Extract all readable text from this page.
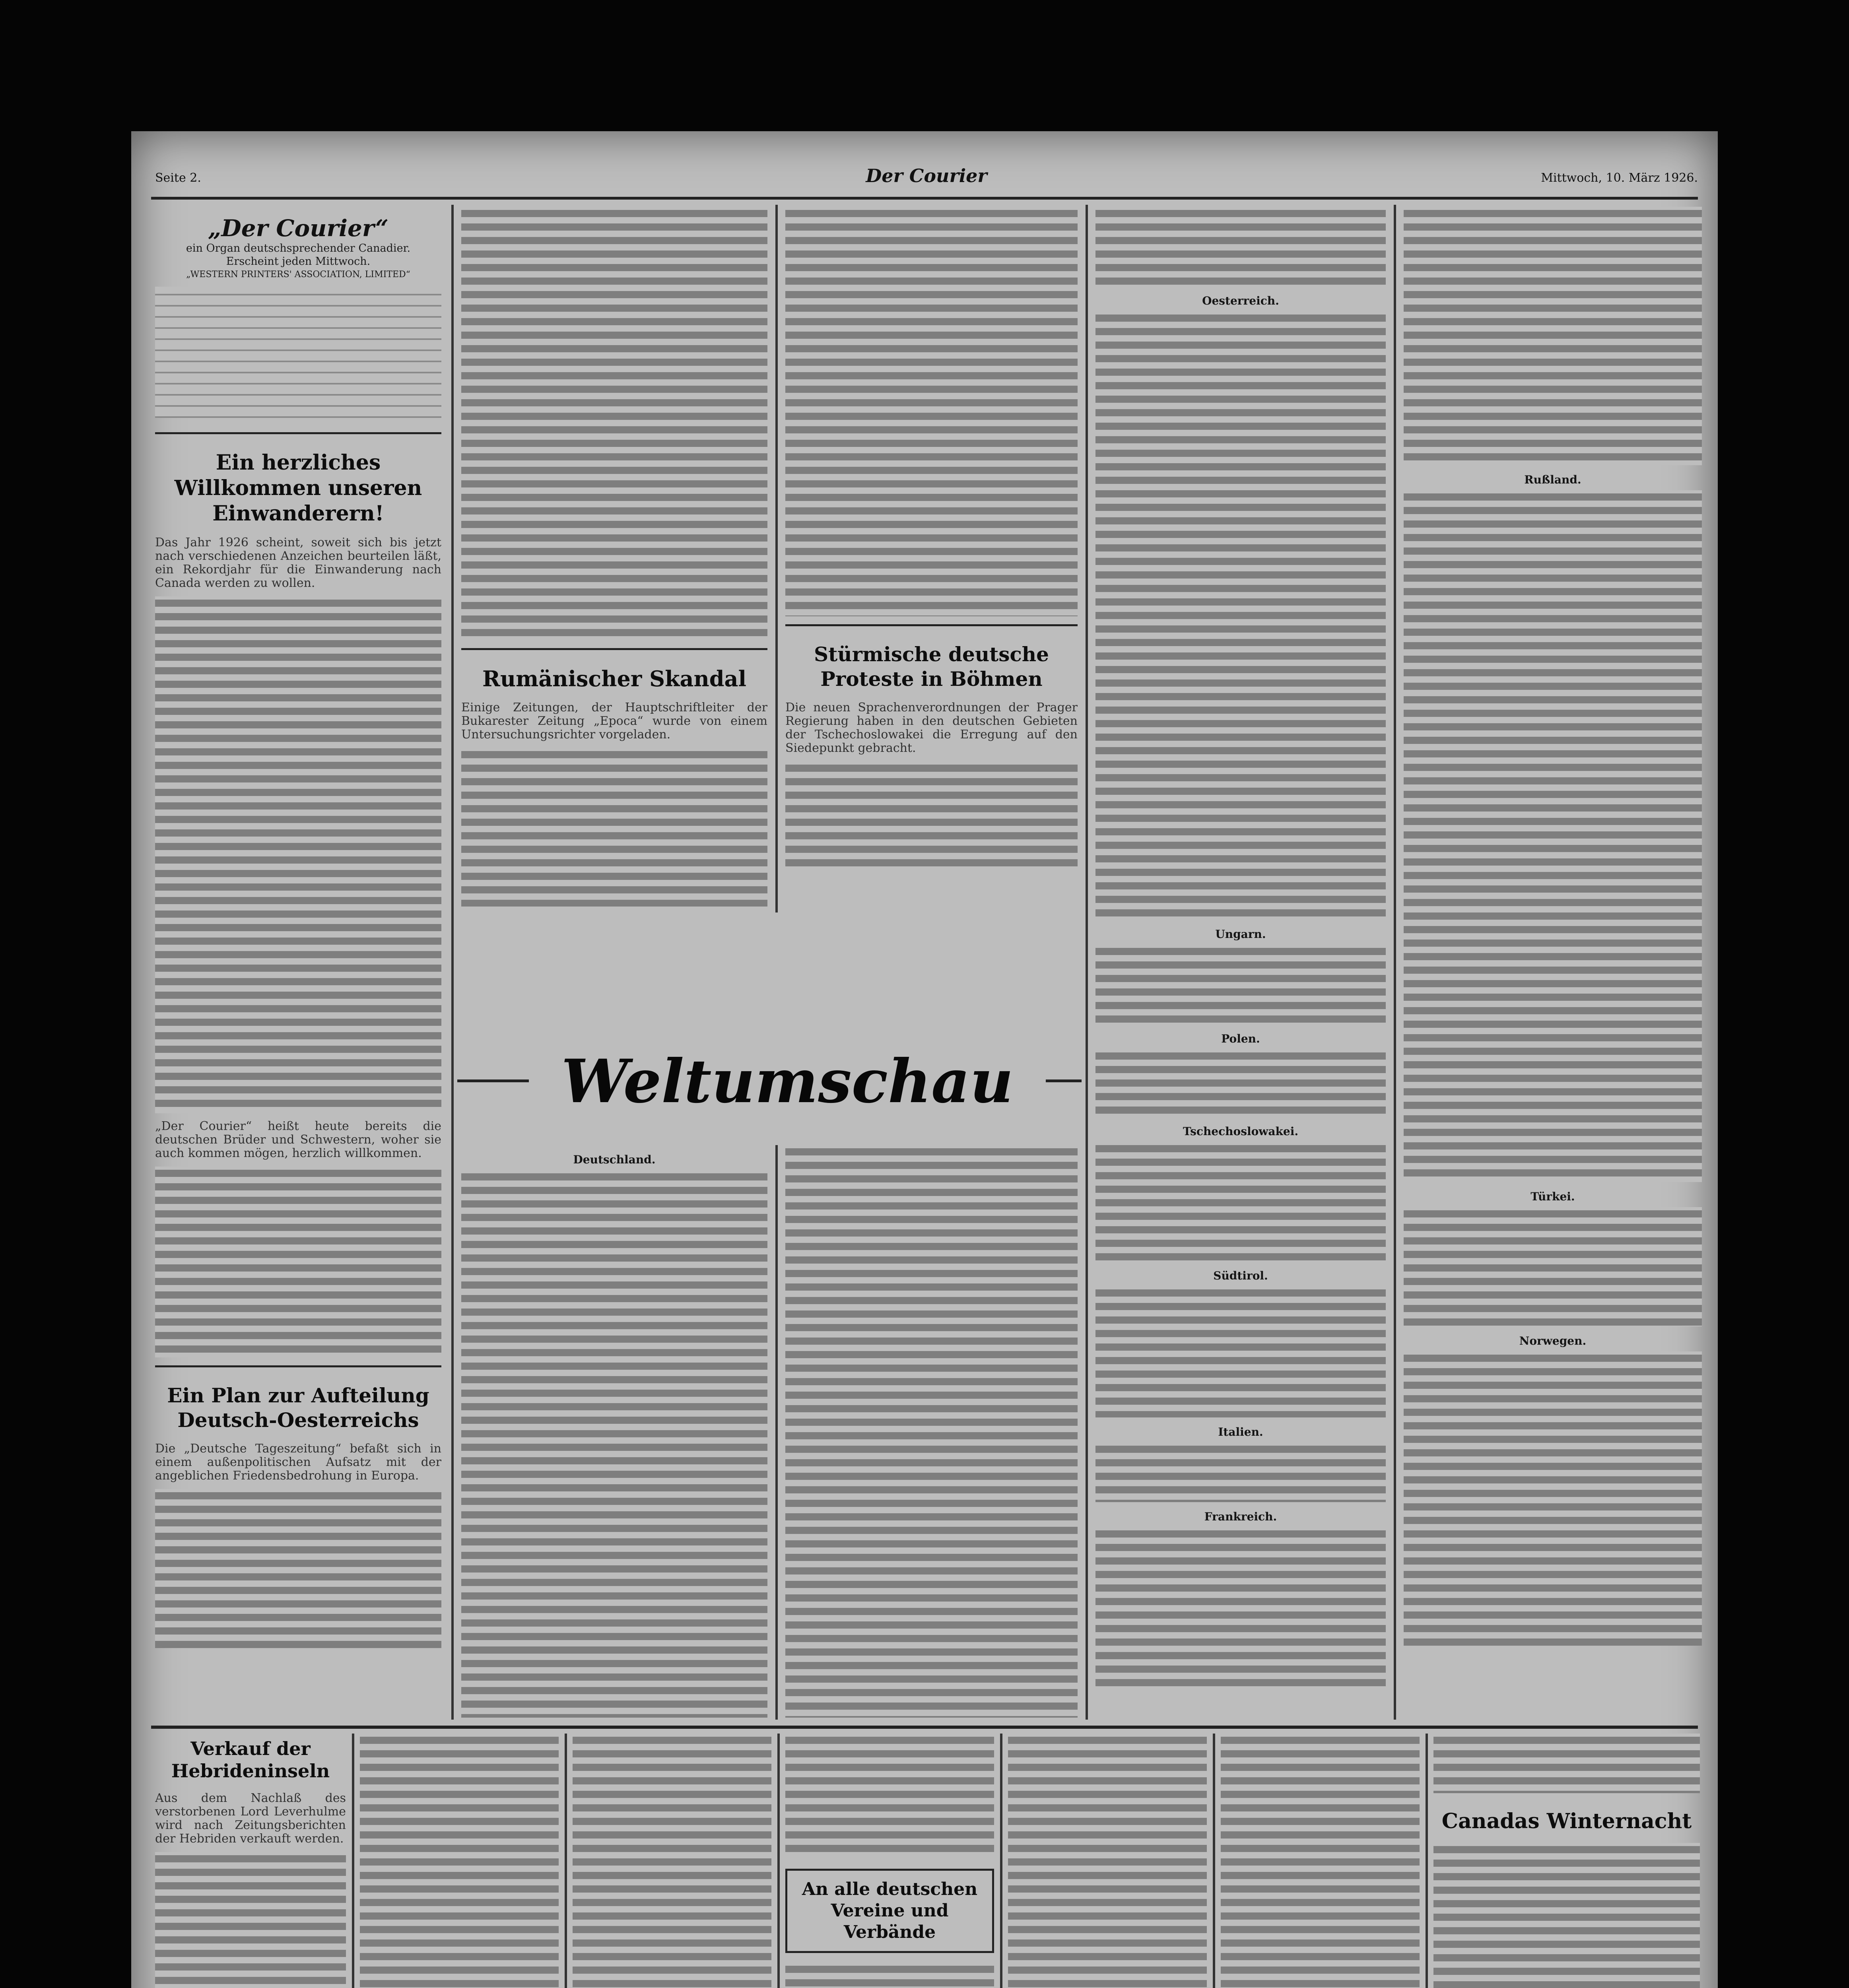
Seite 2.	Der Courier	Mittwoch, 10. März 1926.
„Der Courier“
ein Organ deutschsprechender Canadier.
Erscheint jeden Mittwoch.
„WESTERN PRINTERS' ASSOCIATION, LIMITED“
Ein herzliches Willkommen unseren Einwanderern!

Das Jahr 1926 scheint, soweit sich bis jetzt nach verschiedenen Anzeichen beurteilen läßt, ein Rekordjahr für die Einwanderung nach Canada werden zu wollen.

„Der Courier“ heißt heute bereits die deutschen Brüder und Schwestern, woher sie auch kommen mögen, herzlich willkommen.

Ein Plan zur Aufteilung Deutsch-Oesterreichs

Die „Deutsche Tageszeitung“ befaßt sich in einem außenpolitischen Aufsatz mit der angeblichen Friedensbedrohung in Europa.

Rumänischer Skandal

Einige Zeitungen, der Hauptschriftleiter der Bukarester Zeitung „Epoca“ wurde von einem Untersuchungsrichter vorgeladen.

Stürmische deutsche Proteste in Böhmen

Die neuen Sprachenverordnungen der Prager Regierung haben in den deutschen Gebieten der Tschechoslowakei die Erregung auf den Siedepunkt gebracht.

Weltumschau
Deutschland.
Oesterreich.
Ungarn.
Polen.
Tschechoslowakei.
Südtirol.
Italien.
Frankreich.
Rußland.
Türkei.
Norwegen.
Verkauf der Hebrideninseln

Aus dem Nachlaß des verstorbenen Lord Leverhulme wird nach Zeitungsberichten der Hebriden verkauft werden.

An alle deutschen Vereine und Verbände
Canadas Winternacht
